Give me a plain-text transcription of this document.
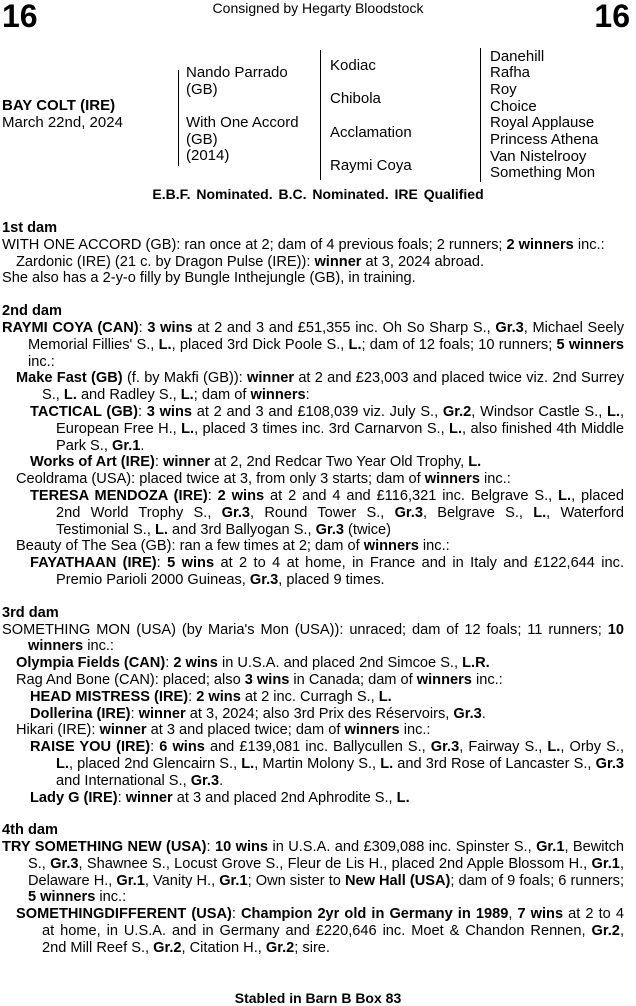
16	Consigned by Hegarty Bloodstock	16
BAY COLT (IRE)
March 22nd, 2024
Nando Parrado
(GB)
With One Accord
(GB)
(2014)
Kodiac
Chibola
Acclamation
Raymi Coya
Danehill
Rafha
Roy
Choice
Royal Applause
Princess Athena
Van Nistelrooy
Something Mon
E.B.F. Nominated. B.C. Nominated. IRE Qualified
1st dam
WITH ONE ACCORD (GB): ran once at 2; dam of 4 previous foals; 2 runners; 2 winners inc.:
Zardonic (IRE) (21 c. by Dragon Pulse (IRE)): winner at 3, 2024 abroad.
She also has a 2-y-o filly by Bungle Inthejungle (GB), in training.
2nd dam
RAYMI COYA (CAN): 3 wins at 2 and 3 and £51,355 inc. Oh So Sharp S., Gr.3, Michael Seely Memorial Fillies' S., L., placed 3rd Dick Poole S., L.; dam of 12 foals; 10 runners; 5 winners inc.:
Make Fast (GB) (f. by Makfi (GB)): winner at 2 and £23,003 and placed twice viz. 2nd Surrey S., L. and Radley S., L.; dam of winners:
TACTICAL (GB): 3 wins at 2 and 3 and £108,039 viz. July S., Gr.2, Windsor Castle S., L., European Free H., L., placed 3 times inc. 3rd Carnarvon S., L., also finished 4th Middle Park S., Gr.1.
Works of Art (IRE): winner at 2, 2nd Redcar Two Year Old Trophy, L.
Ceoldrama (USA): placed twice at 3, from only 3 starts; dam of winners inc.:
TERESA MENDOZA (IRE): 2 wins at 2 and 4 and £116,321 inc. Belgrave S., L., placed 2nd World Trophy S., Gr.3, Round Tower S., Gr.3, Belgrave S., L., Waterford Testimonial S., L. and 3rd Ballyogan S., Gr.3 (twice)
Beauty of The Sea (GB): ran a few times at 2; dam of winners inc.:
FAYATHAAN (IRE): 5 wins at 2 to 4 at home, in France and in Italy and £122,644 inc. Premio Parioli 2000 Guineas, Gr.3, placed 9 times.
3rd dam
SOMETHING MON (USA) (by Maria's Mon (USA)): unraced; dam of 12 foals; 11 runners; 10 winners inc.:
Olympia Fields (CAN): 2 wins in U.S.A. and placed 2nd Simcoe S., L.R.
Rag And Bone (CAN): placed; also 3 wins in Canada; dam of winners inc.:
HEAD MISTRESS (IRE): 2 wins at 2 inc. Curragh S., L.
Dollerina (IRE): winner at 3, 2024; also 3rd Prix des Réservoirs, Gr.3.
Hikari (IRE): winner at 3 and placed twice; dam of winners inc.:
RAISE YOU (IRE): 6 wins and £139,081 inc. Ballycullen S., Gr.3, Fairway S., L., Orby S., L., placed 2nd Glencairn S., L., Martin Molony S., L. and 3rd Rose of Lancaster S., Gr.3 and International S., Gr.3.
Lady G (IRE): winner at 3 and placed 2nd Aphrodite S., L.
4th dam
TRY SOMETHING NEW (USA): 10 wins in U.S.A. and £309,088 inc. Spinster S., Gr.1, Bewitch S., Gr.3, Shawnee S., Locust Grove S., Fleur de Lis H., placed 2nd Apple Blossom H., Gr.1, Delaware H., Gr.1, Vanity H., Gr.1; Own sister to New Hall (USA); dam of 9 foals; 6 runners; 5 winners inc.:
SOMETHINGDIFFERENT (USA): Champion 2yr old in Germany in 1989, 7 wins at 2 to 4 at home, in U.S.A. and in Germany and £220,646 inc. Moet & Chandon Rennen, Gr.2, 2nd Mill Reef S., Gr.2, Citation H., Gr.2; sire.
Stabled in Barn B Box 83
